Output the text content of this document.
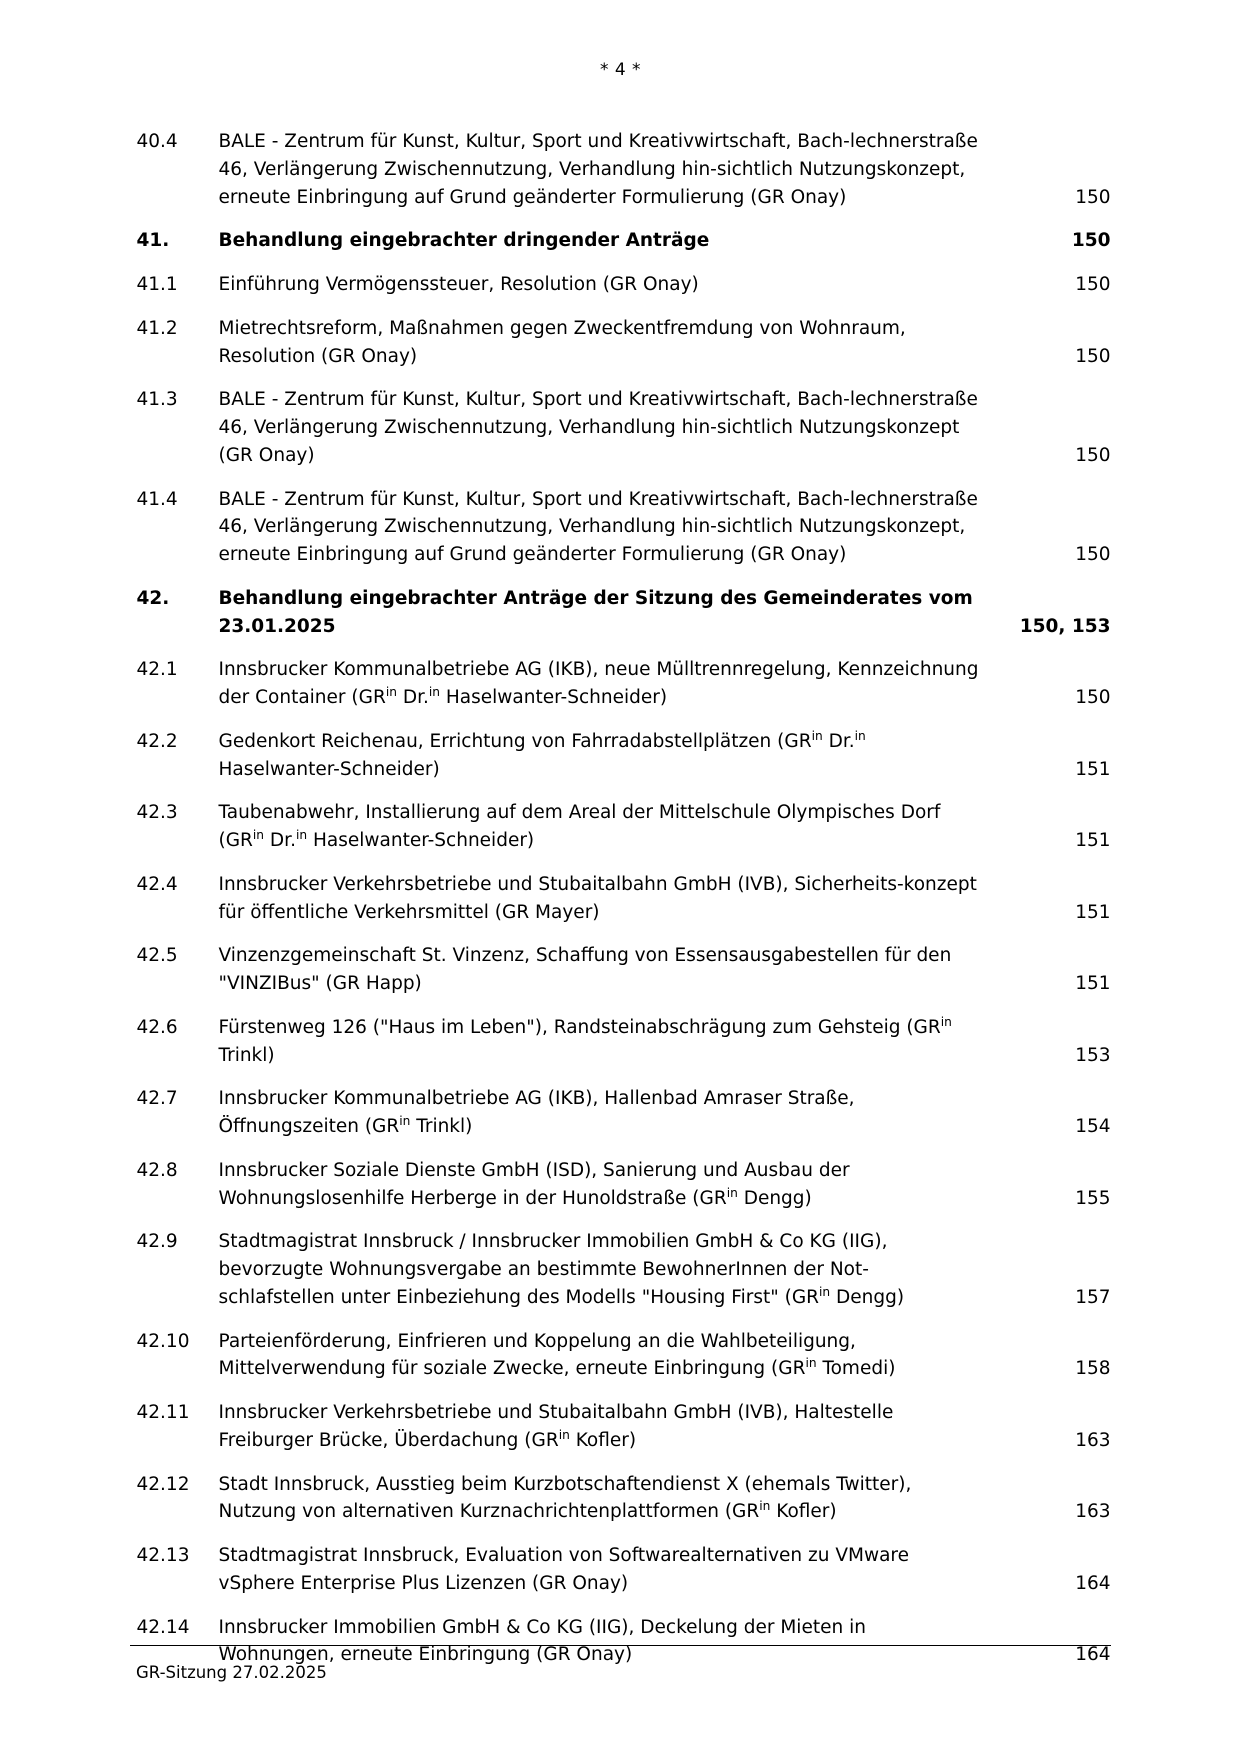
* 4 *
40.4	BALE - Zentrum für Kunst, Kultur, Sport und Kreativwirtschaft, Bach-lechnerstraße 46, Verlängerung Zwischennutzung, Verhandlung hin-sichtlich Nutzungskonzept, erneute Einbringung auf Grund geänderter Formulierung (GR Onay)	150
41.	Behandlung eingebrachter dringender Anträge	150
41.1	Einführung Vermögenssteuer, Resolution (GR Onay)	150
41.2	Mietrechtsreform, Maßnahmen gegen Zweckentfremdung von Wohnraum, Resolution (GR Onay)	150
41.3	BALE - Zentrum für Kunst, Kultur, Sport und Kreativwirtschaft, Bach-lechnerstraße 46, Verlängerung Zwischennutzung, Verhandlung hin-sichtlich Nutzungskonzept (GR Onay)	150
41.4	BALE - Zentrum für Kunst, Kultur, Sport und Kreativwirtschaft, Bach-lechnerstraße 46, Verlängerung Zwischennutzung, Verhandlung hin-sichtlich Nutzungskonzept, erneute Einbringung auf Grund geänderter Formulierung (GR Onay)	150
42.	Behandlung eingebrachter Anträge der Sitzung des Gemeinderates vom 23.01.2025	150, 153
42.1	Innsbrucker Kommunalbetriebe AG (IKB), neue Mülltrennregelung, Kennzeichnung der Container ($GR^{in}$ Dr.$^{in}$ Haselwanter-Schneider)	150
42.2	Gedenkort Reichenau, Errichtung von Fahrradabstellplätzen ($GR^{in}$ Dr.$^{in}$ Haselwanter-Schneider)	151
42.3	Taubenabwehr, Installierung auf dem Areal der Mittelschule Olympisches Dorf ($GR^{in}$ Dr.$^{in}$ Haselwanter-Schneider)	151
42.4	Innsbrucker Verkehrsbetriebe und Stubaitalbahn GmbH (IVB), Sicherheits-konzept für öffentliche Verkehrsmittel (GR Mayer)	151
42.5	Vinzenzgemeinschaft St. Vinzenz, Schaffung von Essensausgabestellen für den "VINZIBus" (GR Happ)	151
42.6	Fürstenweg 126 ("Haus im Leben"), Randsteinabschrägung zum Gehsteig ($GR^{in}$ Trinkl)	153
42.7	Innsbrucker Kommunalbetriebe AG (IKB), Hallenbad Amraser Straße, Öffnungszeiten ($GR^{in}$ Trinkl)	154
42.8	Innsbrucker Soziale Dienste GmbH (ISD), Sanierung und Ausbau der Wohnungslosenhilfe Herberge in der Hunoldstraße ($GR^{in}$ Dengg)	155
42.9	Stadtmagistrat Innsbruck / Innsbrucker Immobilien GmbH & Co KG (IIG), bevorzugte Wohnungsvergabe an bestimmte BewohnerInnen der Not-schlafstellen unter Einbeziehung des Modells "Housing First" ($GR^{in}$ Dengg)	157
42.10	Parteienförderung, Einfrieren und Koppelung an die Wahlbeteiligung, Mittelverwendung für soziale Zwecke, erneute Einbringung ($GR^{in}$ Tomedi)	158
42.11	Innsbrucker Verkehrsbetriebe und Stubaitalbahn GmbH (IVB), Haltestelle Freiburger Brücke, Überdachung ($GR^{in}$ Kofler)	163
42.12	Stadt Innsbruck, Ausstieg beim Kurzbotschaftendienst X (ehemals Twitter), Nutzung von alternativen Kurznachrichtenplattformen ($GR^{in}$ Kofler)	163
42.13	Stadtmagistrat Innsbruck, Evaluation von Softwarealternativen zu VMware vSphere Enterprise Plus Lizenzen (GR Onay)	164
42.14	Innsbrucker Immobilien GmbH & Co KG (IIG), Deckelung der Mieten in Wohnungen, erneute Einbringung (GR Onay)	164
GR-Sitzung 27.02.2025
